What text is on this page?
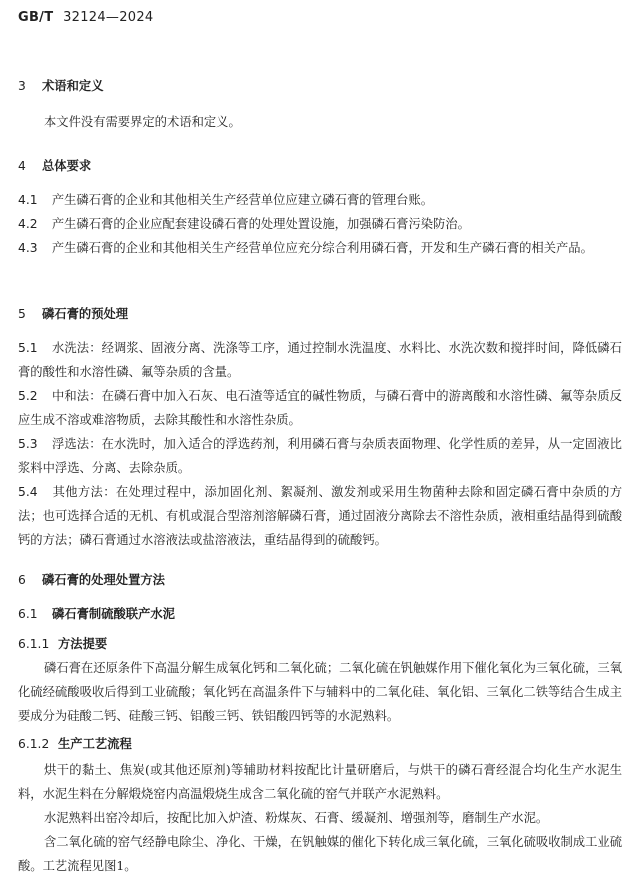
GB/T 32124—2024
3 术语和定义
本文件没有需要界定的术语和定义。
4 总体要求
4.1 产生磷石膏的企业和其他相关生产经营单位应建立磷石膏的管理台账。
4.2 产生磷石膏的企业应配套建设磷石膏的处理处置设施，加强磷石膏污染防治。
4.3 产生磷石膏的企业和其他相关生产经营单位应充分综合利用磷石膏，开发和生产磷石膏的相关产品。
5 磷石膏的预处理
5.1 水洗法：经调浆、固液分离、洗涤等工序，通过控制水洗温度、水料比、水洗次数和搅拌时间，降低磷石膏的酸性和水溶性磷、氟等杂质的含量。
5.2 中和法：在磷石膏中加入石灰、电石渣等适宜的碱性物质，与磷石膏中的游离酸和水溶性磷、氟等杂质反应生成不溶或难溶物质，去除其酸性和水溶性杂质。
5.3 浮选法：在水洗时，加入适合的浮选药剂，利用磷石膏与杂质表面物理、化学性质的差异，从一定固液比浆料中浮选、分离、去除杂质。
5.4 其他方法：在处理过程中，添加固化剂、絮凝剂、激发剂或采用生物菌种去除和固定磷石膏中杂质的方法；也可选择合适的无机、有机或混合型溶剂溶解磷石膏，通过固液分离除去不溶性杂质，液相重结晶得到硫酸钙的方法；磷石膏通过水溶液法或盐溶液法，重结晶得到的硫酸钙。
6 磷石膏的处理处置方法
6.1 磷石膏制硫酸联产水泥
6.1.1 方法提要
磷石膏在还原条件下高温分解生成氧化钙和二氧化硫；二氧化硫在钒触媒作用下催化氧化为三氧化硫，三氧化硫经硫酸吸收后得到工业硫酸；氧化钙在高温条件下与辅料中的二氧化硅、氧化铝、三氧化二铁等结合生成主要成分为硅酸二钙、硅酸三钙、铝酸三钙、铁铝酸四钙等的水泥熟料。
6.1.2 生产工艺流程
烘干的黏土、焦炭(或其他还原剂)等辅助材料按配比计量研磨后，与烘干的磷石膏经混合均化生产水泥生料，水泥生料在分解煅烧窑内高温煅烧生成含二氧化硫的窑气并联产水泥熟料。
水泥熟料出窑冷却后，按配比加入炉渣、粉煤灰、石膏、缓凝剂、增强剂等，磨制生产水泥。
含二氧化硫的窑气经静电除尘、净化、干燥，在钒触媒的催化下转化成三氧化硫，三氧化硫吸收制成工业硫酸。工艺流程见图1。
